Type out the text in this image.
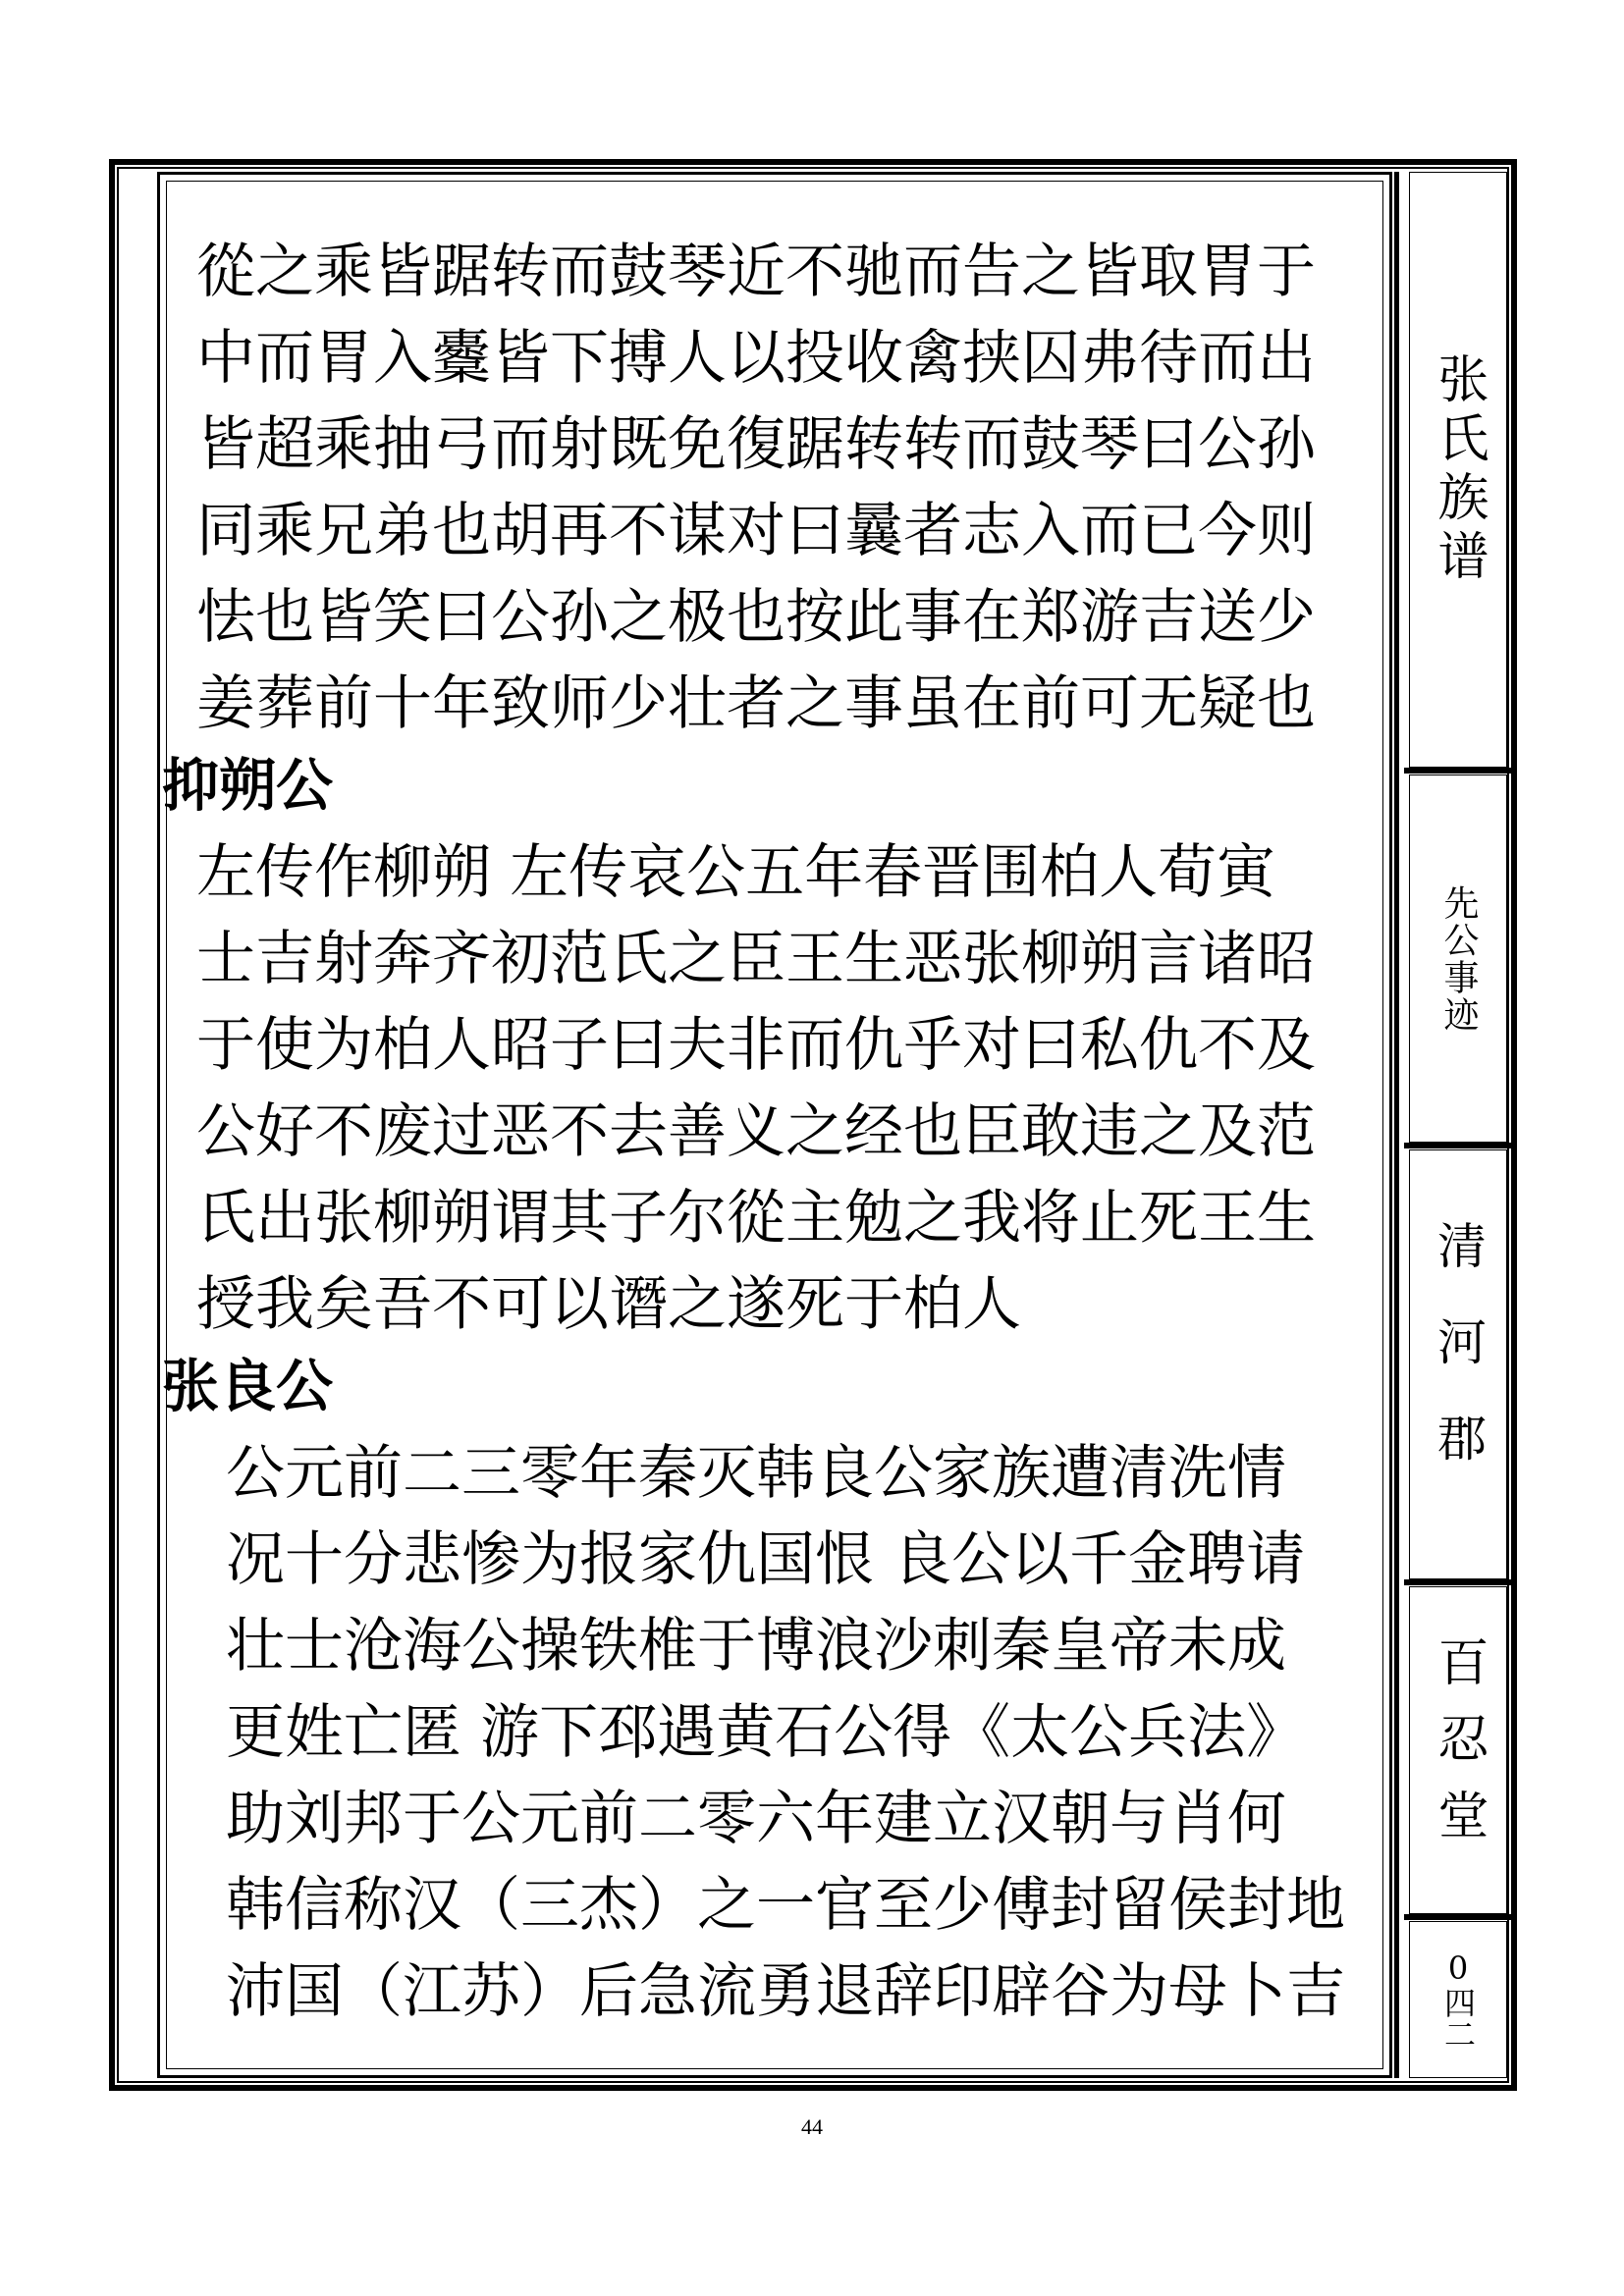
從之乘皆踞转而鼓琴近不驰而告之皆取胃于
中而胃入櫜皆下搏人以投收禽挟囚弗待而出
皆超乘抽弓而射既免復踞转转而鼓琴曰公孙
同乘兄弟也胡再不谋对曰曩者志入而已今则
怯也皆笑曰公孙之极也按此事在郑游吉送少
姜葬前十年致师少壮者之事虽在前可无疑也
抑朔公
左传作柳朔 左传哀公五年春晋围柏人荀寅
士吉射奔齐初范氏之臣王生恶张柳朔言诸昭
于使为柏人昭子曰夫非而仇乎对曰私仇不及
公好不废过恶不去善义之经也臣敢违之及范
氏出张柳朔谓其子尔從主勉之我将止死王生
授我矣吾不可以谮之遂死于柏人
张良公
公元前二三零年秦灭韩良公家族遭清洗情
况十分悲惨为报家仇国恨 良公以千金聘请
壮士沧海公操铁椎于博浪沙刺秦皇帝未成
更姓亡匿 游下邳遇黄石公得《太公兵法》
助刘邦于公元前二零六年建立汉朝与肖何
韩信称汉（三杰）之一官至少傅封留侯封地
沛国（江苏）后急流勇退辞印辟谷为母卜吉
张氏族谱
先公事迹
清河郡
百忍堂
0四二
44
